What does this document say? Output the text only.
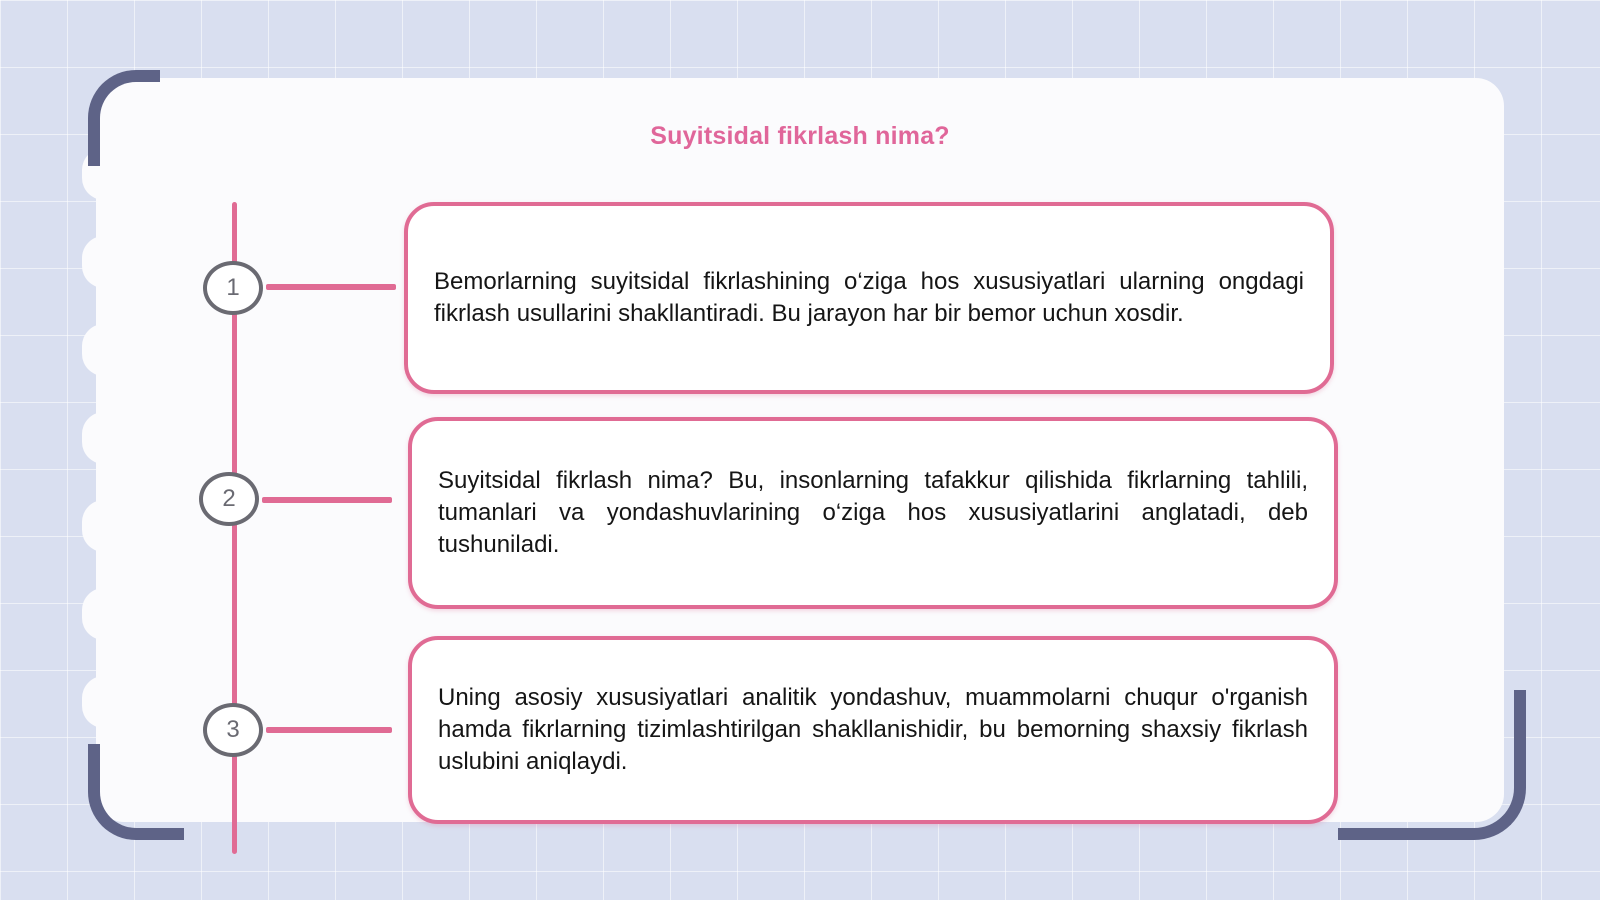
Suyitsidal fikrlash nima?
1	Bemorlarning suyitsidal fikrlashining o‘ziga hos xususiyatlari ularning ongdagi fikrlash usullarini shakllantiradi. Bu jarayon har bir bemor uchun xosdir.
2
Suyitsidal fikrlash nima? Bu, insonlarning tafakkur qilishida fikrlarning tahlili, tumanlari va yondashuvlarining o‘ziga hos xususiyatlarini anglatadi, deb tushuniladi.
3
Uning asosiy xususiyatlari analitik yondashuv, muammolarni chuqur o'rganish hamda fikrlarning tizimlashtirilgan shakllanishidir, bu bemorning shaxsiy fikrlash uslubini aniqlaydi.
